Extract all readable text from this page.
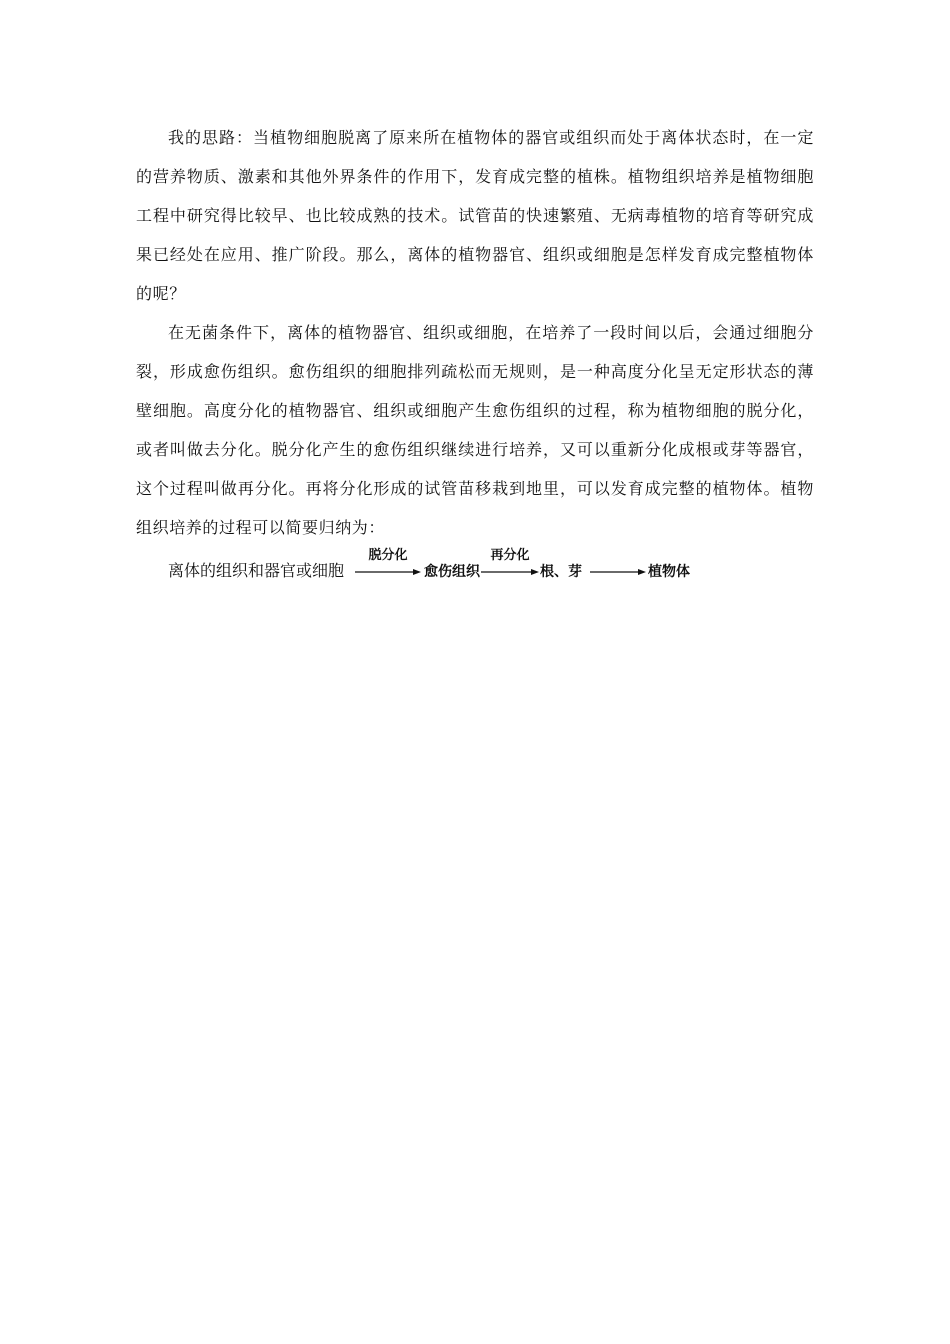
我的思路：当植物细胞脱离了原来所在植物体的器官或组织而处于离体状态时，在一定的营养物质、激素和其他外界条件的作用下，发育成完整的植株。植物组织培养是植物细胞工程中研究得比较早、也比较成熟的技术。试管苗的快速繁殖、无病毒植物的培育等研究成果已经处在应用、推广阶段。那么，离体的植物器官、组织或细胞是怎样发育成完整植物体的呢？

在无菌条件下，离体的植物器官、组织或细胞，在培养了一段时间以后，会通过细胞分裂，形成愈伤组织。愈伤组织的细胞排列疏松而无规则，是一种高度分化呈无定形状态的薄壁细胞。高度分化的植物器官、组织或细胞产生愈伤组织的过程，称为植物细胞的脱分化，或者叫做去分化。脱分化产生的愈伤组织继续进行培养，又可以重新分化成根或芽等器官，这个过程叫做再分化。再将分化形成的试管苗移栽到地里，可以发育成完整的植物体。植物组织培养的过程可以简要归纳为：

离体的组织和器官或细胞
脱分化
愈伤组织
再分化
根、芽	植物体
